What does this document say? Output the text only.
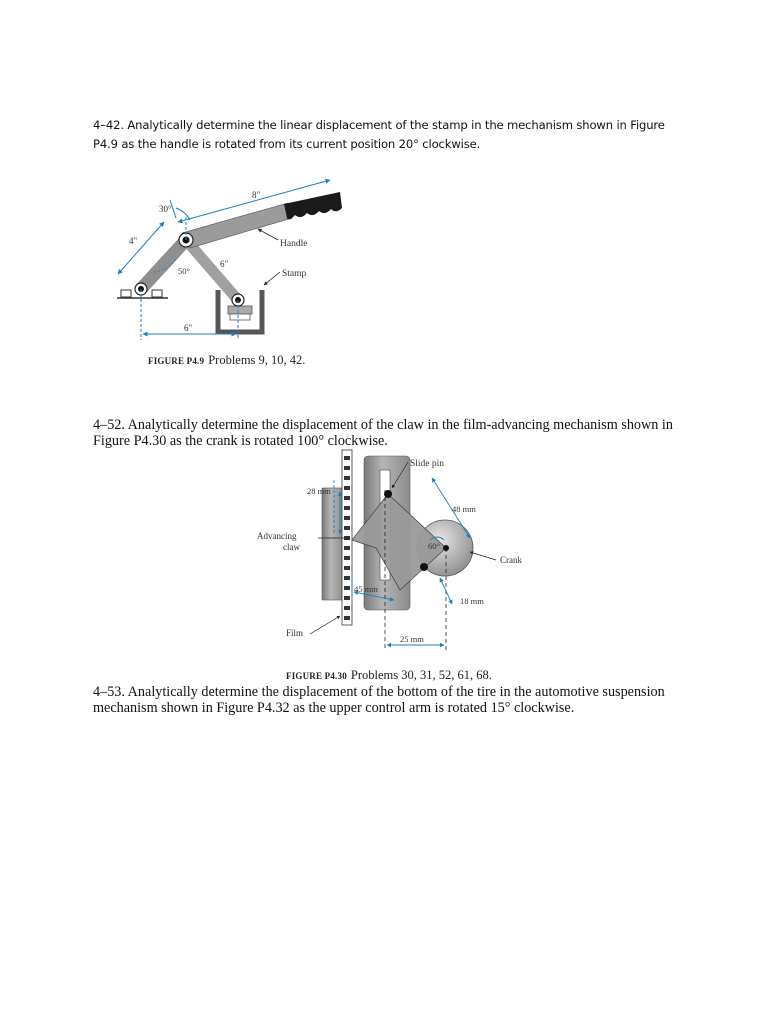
4–42. Analytically determine the linear displacement of the stamp in the mechanism shown in Figure
P4.9 as the handle is rotated from its current position 20° clockwise.
30°
8"
4"
6"
50°
6"
Handle
Stamp
FIGURE P4.9 Problems 9, 10, 42.
4–52. Analytically determine the displacement of the claw in the film-advancing mechanism shown in
Figure P4.30 as the crank is rotated 100° clockwise.
Slide pin
28 mm
48 mm
Advancing
claw	60°
Crank
45 mm
18 mm
Film
25 mm
FIGURE P4.30 Problems 30, 31, 52, 61, 68.
4–53. Analytically determine the displacement of the bottom of the tire in the automotive suspension
mechanism shown in Figure P4.32 as the upper control arm is rotated 15° clockwise.
